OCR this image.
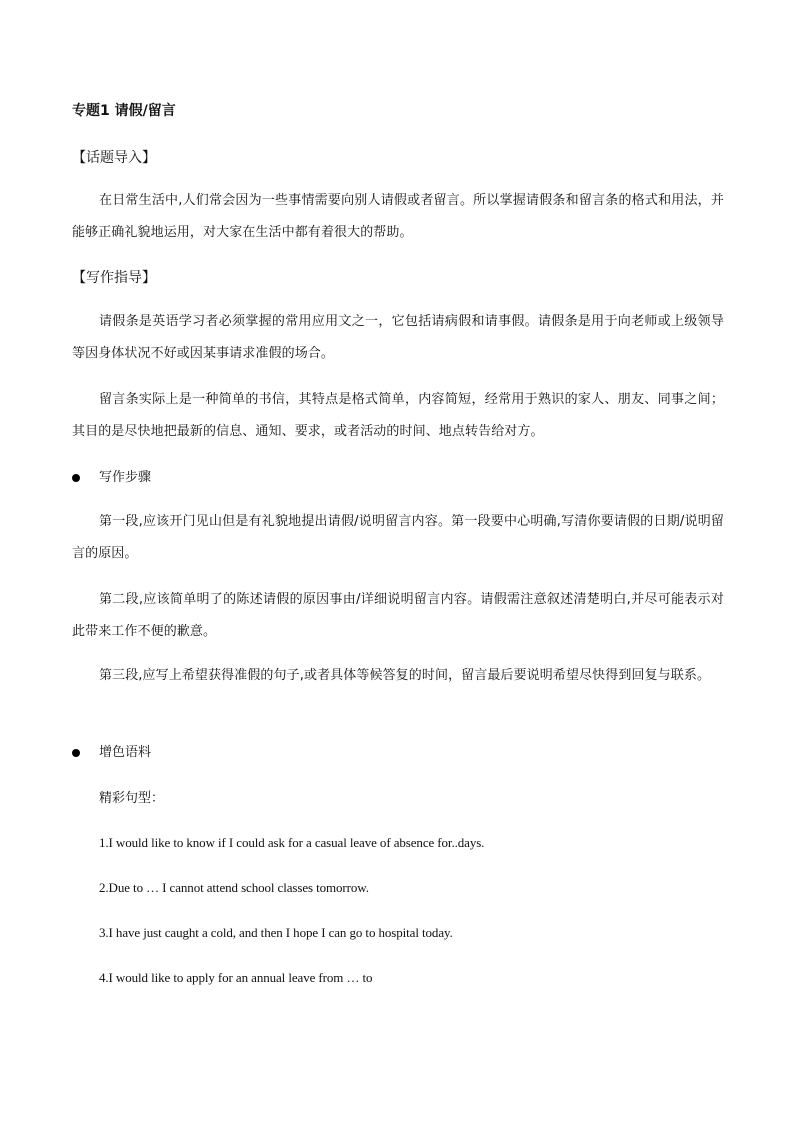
专题1 请假/留言
【话题导入】
在日常生活中,人们常会因为一些事情需要向别人请假或者留言。所以掌握请假条和留言条的格式和用法，并能够正确礼貌地运用，对大家在生活中都有着很大的帮助。
【写作指导】
请假条是英语学习者必须掌握的常用应用文之一，它包括请病假和请事假。请假条是用于向老师或上级领导等因身体状况不好或因某事请求准假的场合。
留言条实际上是一种简单的书信，其特点是格式简单，内容简短，经常用于熟识的家人、朋友、同事之间；其目的是尽快地把最新的信息、通知、要求，或者活动的时间、地点转告给对方。
写作步骤
第一段,应该开门见山但是有礼貌地提出请假/说明留言内容。第一段要中心明确,写清你要请假的日期/说明留言的原因。
第二段,应该简单明了的陈述请假的原因事由/详细说明留言内容。请假需注意叙述清楚明白,并尽可能表示对此带来工作不便的歉意。
第三段,应写上希望获得准假的句子,或者具体等候答复的时间，留言最后要说明希望尽快得到回复与联系。
增色语料
精彩句型：
1.I would like to know if I could ask for a casual leave of absence for..days.
2.Due to … I cannot attend school classes tomorrow.
3.I have just caught a cold, and then I hope I can go to hospital today.
4.I would like to apply for an annual leave from … to
